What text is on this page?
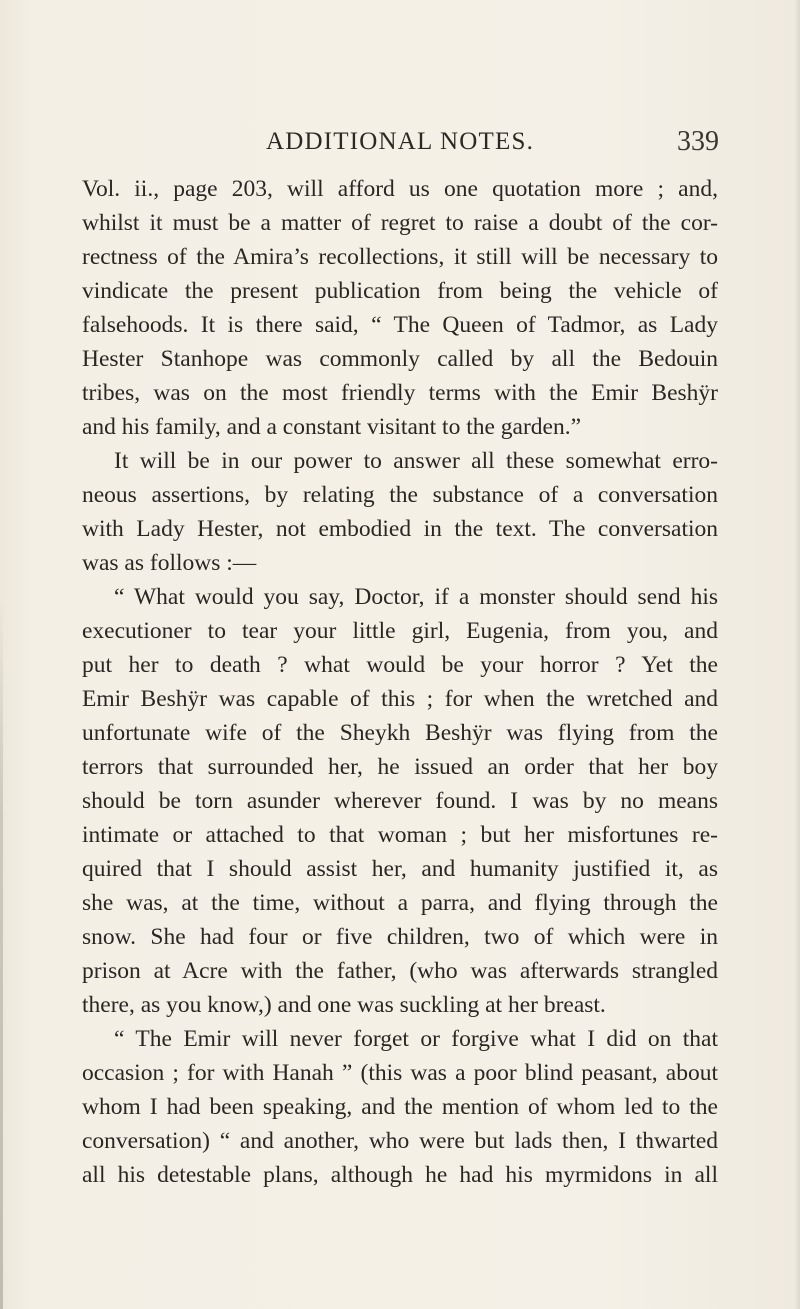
ADDITIONAL NOTES.	339
Vol. ii., page 203, will afford us one quotation more ; and,
whilst it must be a matter of regret to raise a doubt of the cor-
rectness of the Amira’s recollections, it still will be necessary to
vindicate the present publication from being the vehicle of
falsehoods. It is there said, “ The Queen of Tadmor, as Lady
Hester Stanhope was commonly called by all the Bedouin
tribes, was on the most friendly terms with the Emir Beshÿr
and his family, and a constant visitant to the garden.”
It will be in our power to answer all these somewhat erro-
neous assertions, by relating the substance of a conversation
with Lady Hester, not embodied in the text. The conversation
was as follows :—
“ What would you say, Doctor, if a monster should send his
executioner to tear your little girl, Eugenia, from you, and
put her to death ? what would be your horror ? Yet the
Emir Beshÿr was capable of this ; for when the wretched and
unfortunate wife of the Sheykh Beshÿr was flying from the
terrors that surrounded her, he issued an order that her boy
should be torn asunder wherever found. I was by no means
intimate or attached to that woman ; but her misfortunes re-
quired that I should assist her, and humanity justified it, as
she was, at the time, without a parra, and flying through the
snow. She had four or five children, two of which were in
prison at Acre with the father, (who was afterwards strangled
there, as you know,) and one was suckling at her breast.
“ The Emir will never forget or forgive what I did on that
occasion ; for with Hanah ” (this was a poor blind peasant, about
whom I had been speaking, and the mention of whom led to the
conversation) “ and another, who were but lads then, I thwarted
all his detestable plans, although he had his myrmidons in all
